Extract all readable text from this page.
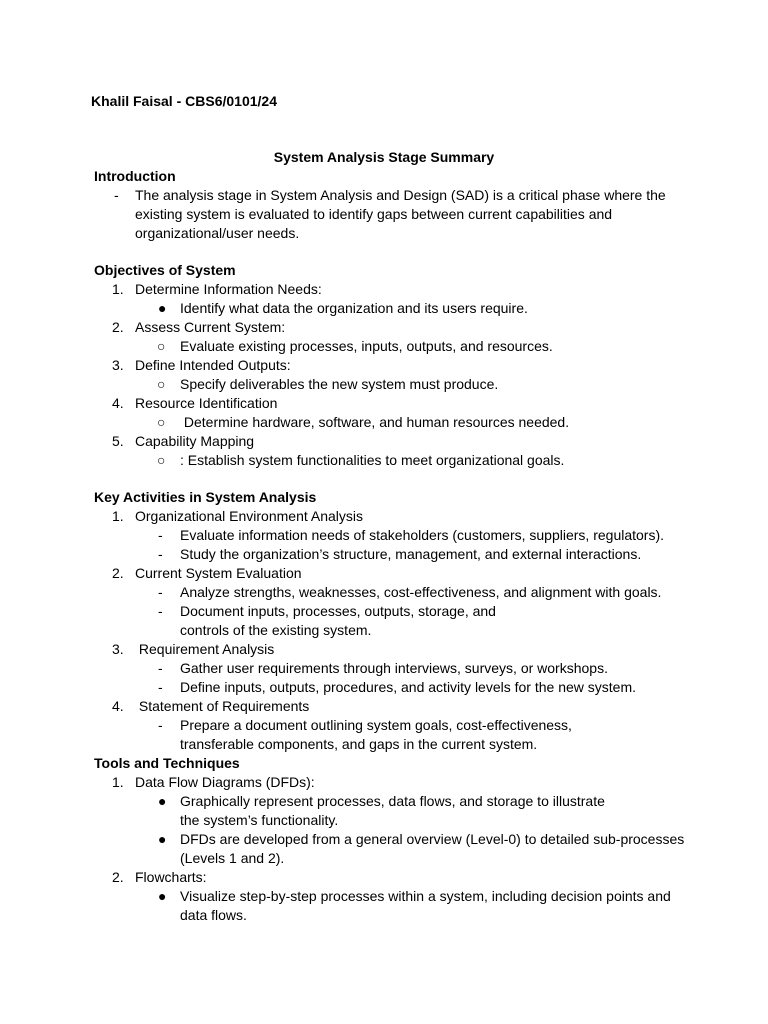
Khalil Faisal - CBS6/0101/24
System Analysis Stage Summary
Introduction
- The analysis stage in System Analysis and Design (SAD) is a critical phase where the existing system is evaluated to identify gaps between current capabilities and organizational/user needs.
Objectives of System
1. Determine Information Needs:
● Identify what data the organization and its users require.
2. Assess Current System:
○ Evaluate existing processes, inputs, outputs, and resources.
3. Define Intended Outputs:
○ Specify deliverables the new system must produce.
4. Resource Identification
○ Determine hardware, software, and human resources needed.
5. Capability Mapping
○ : Establish system functionalities to meet organizational goals.
Key Activities in System Analysis
1. Organizational Environment Analysis
- Evaluate information needs of stakeholders (customers, suppliers, regulators).
- Study the organization’s structure, management, and external interactions.
2. Current System Evaluation
- Analyze strengths, weaknesses, cost-effectiveness, and alignment with goals.
- Document inputs, processes, outputs, storage, and controls of the existing system.
3. Requirement Analysis
- Gather user requirements through interviews, surveys, or workshops.
- Define inputs, outputs, procedures, and activity levels for the new system.
4. Statement of Requirements
- Prepare a document outlining system goals, cost-effectiveness, transferable components, and gaps in the current system.
Tools and Techniques
1. Data Flow Diagrams (DFDs):
● Graphically represent processes, data flows, and storage to illustrate the system’s functionality.
● DFDs are developed from a general overview (Level-0) to detailed sub-processes (Levels 1 and 2).
2. Flowcharts:
● Visualize step-by-step processes within a system, including decision points and data flows.
